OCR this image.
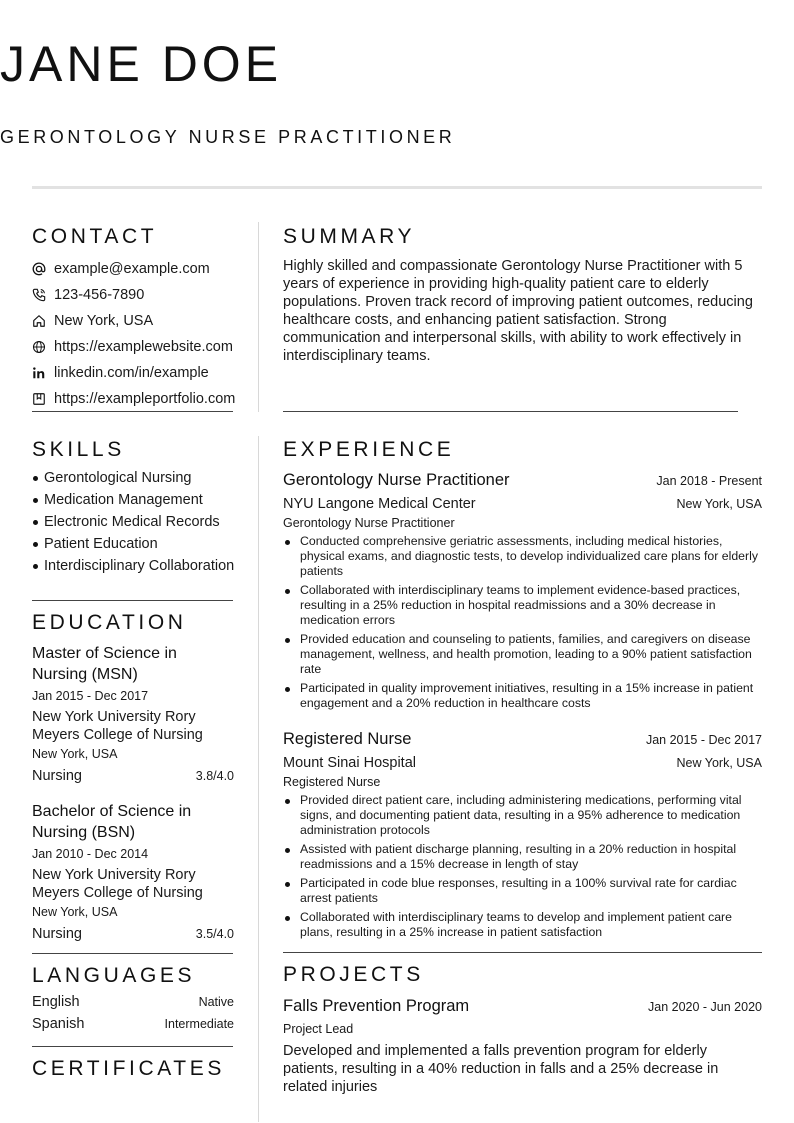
JANE DOE
GERONTOLOGY NURSE PRACTITIONER
CONTACT
example@example.com
123-456-7890
New York, USA
https://examplewebsite.com
linkedin.com/in/example
https://exampleportfolio.com
SUMMARY
Highly skilled and compassionate Gerontology Nurse Practitioner with 5 years of experience in providing high-quality patient care to elderly populations. Proven track record of improving patient outcomes, reducing healthcare costs, and enhancing patient satisfaction. Strong communication and interpersonal skills, with ability to work effectively in interdisciplinary teams.
SKILLS
Gerontological Nursing
Medication Management
Electronic Medical Records
Patient Education
Interdisciplinary Collaboration
EDUCATION
Master of Science in Nursing (MSN)
Jan 2015 - Dec 2017
New York University Rory Meyers College of Nursing
New York, USA
Nursing	3.8/4.0
Bachelor of Science in Nursing (BSN)
Jan 2010 - Dec 2014
New York University Rory Meyers College of Nursing
New York, USA
Nursing	3.5/4.0
LANGUAGES
English	Native
Spanish	Intermediate
CERTIFICATES
EXPERIENCE
Gerontology Nurse Practitioner	Jan 2018 - Present
NYU Langone Medical Center	New York, USA
Gerontology Nurse Practitioner
Conducted comprehensive geriatric assessments, including medical histories, physical exams, and diagnostic tests, to develop individualized care plans for elderly patients
Collaborated with interdisciplinary teams to implement evidence-based practices, resulting in a 25% reduction in hospital readmissions and a 30% decrease in medication errors
Provided education and counseling to patients, families, and caregivers on disease management, wellness, and health promotion, leading to a 90% patient satisfaction rate
Participated in quality improvement initiatives, resulting in a 15% increase in patient engagement and a 20% reduction in healthcare costs
Registered Nurse	Jan 2015 - Dec 2017
Mount Sinai Hospital	New York, USA
Registered Nurse
Provided direct patient care, including administering medications, performing vital signs, and documenting patient data, resulting in a 95% adherence to medication administration protocols
Assisted with patient discharge planning, resulting in a 20% reduction in hospital readmissions and a 15% decrease in length of stay
Participated in code blue responses, resulting in a 100% survival rate for cardiac arrest patients
Collaborated with interdisciplinary teams to develop and implement patient care plans, resulting in a 25% increase in patient satisfaction
PROJECTS
Falls Prevention Program	Jan 2020 - Jun 2020
Project Lead
Developed and implemented a falls prevention program for elderly patients, resulting in a 40% reduction in falls and a 25% decrease in related injuries
